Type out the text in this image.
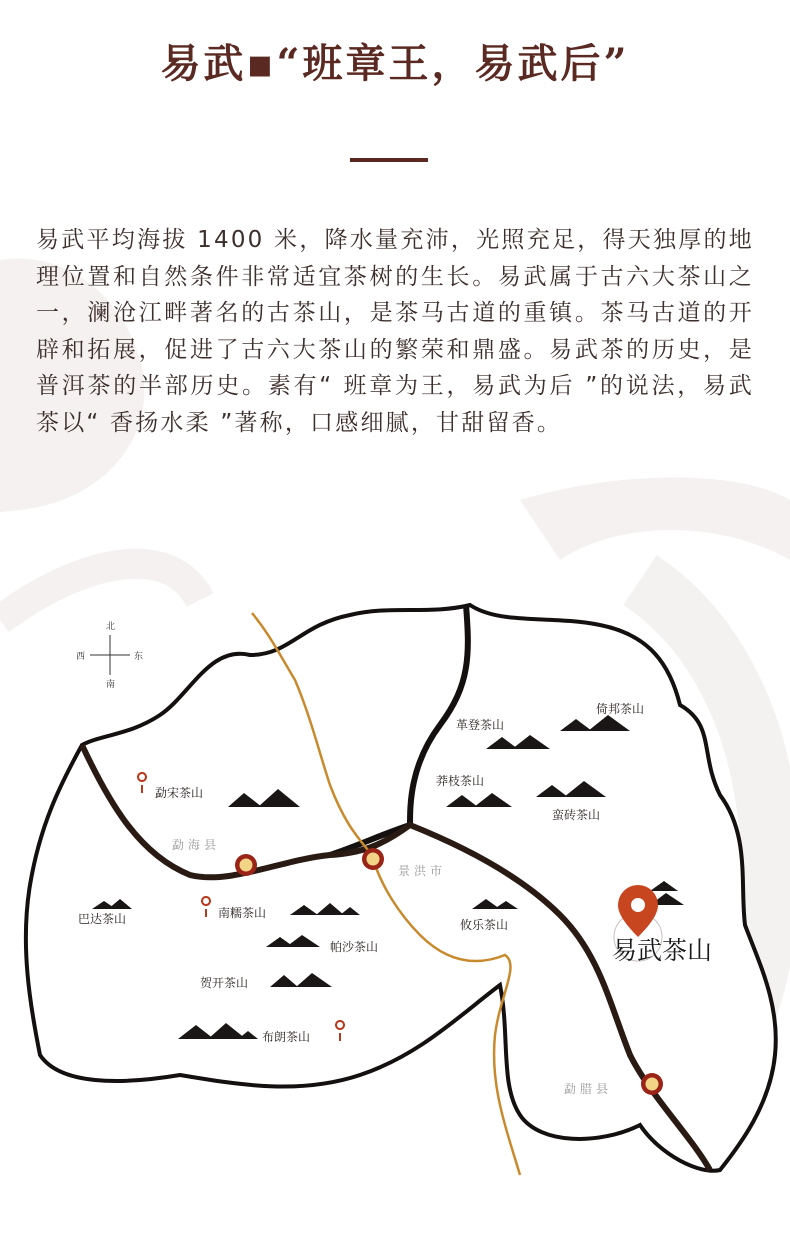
易武▪“班章王，易武后”
易武平均海拔 1400 米，降水量充沛，光照充足，得天独厚的地理位置和自然条件非常适宜茶树的生长。易武属于古六大茶山之一，澜沧江畔著名的古茶山，是茶马古道的重镇。茶马古道的开辟和拓展，促进了古六大茶山的繁荣和鼎盛。易武茶的历史，是普洱茶的半部历史。素有“ 班章为王，易武为后 ”的说法，易武茶以“ 香扬水柔 ”著称，口感细腻，甘甜留香。
北
南
西	东
勐宋茶山
巴达茶山	南糯茶山
帕沙茶山
贺开茶山
布朗茶山
革登茶山
莽枝茶山
倚邦茶山
蛮砖茶山
攸乐茶山
勐海县
景洪市
勐腊县
易武茶山
